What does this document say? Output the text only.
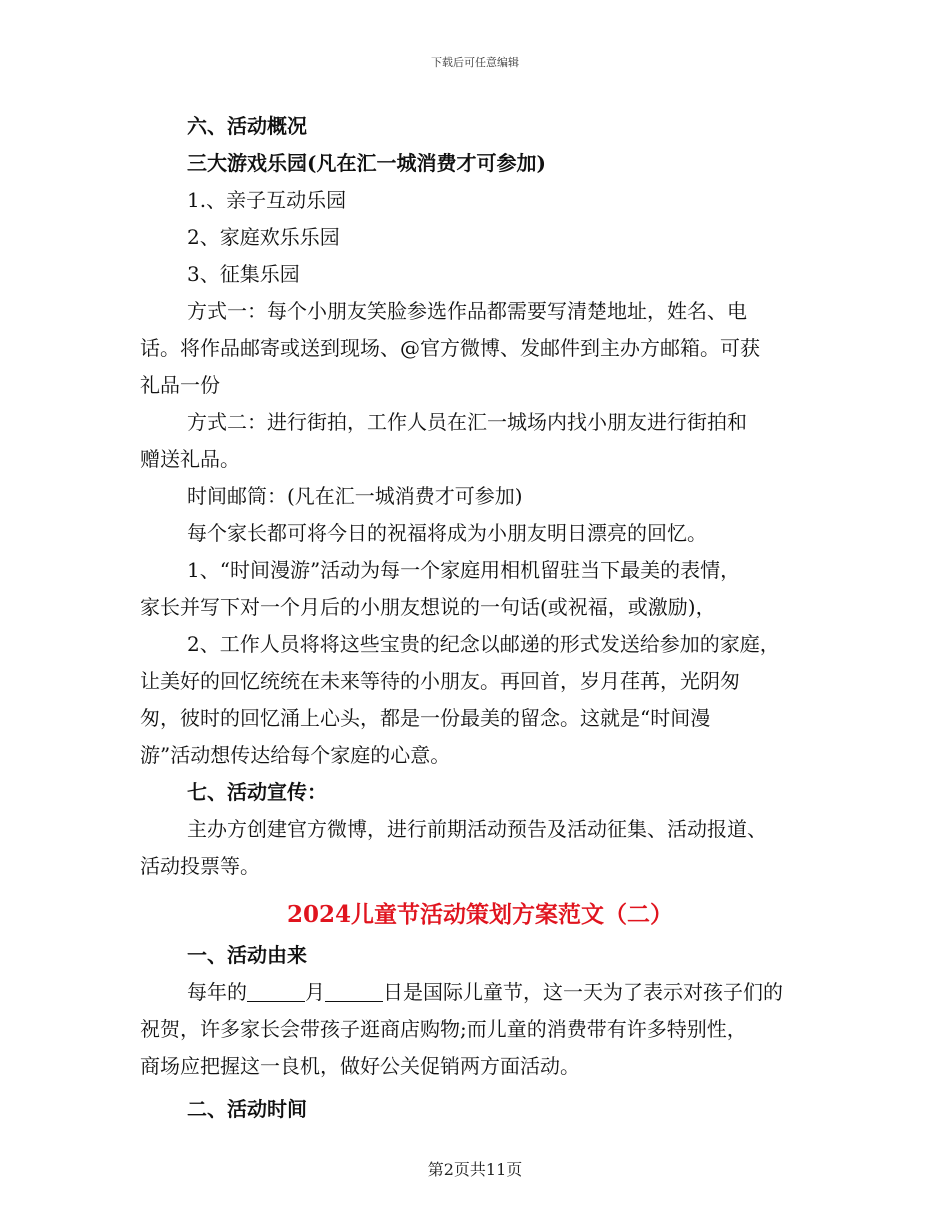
下载后可任意编辑
六、活动概况
三大游戏乐园(凡在汇一城消费才可参加)
1.、亲子互动乐园
2、家庭欢乐乐园
3、征集乐园
方式一：每个小朋友笑脸参选作品都需要写清楚地址，姓名、电
话。将作品邮寄或送到现场、@官方微博、发邮件到主办方邮箱。可获
礼品一份
方式二：进行街拍，工作人员在汇一城场内找小朋友进行街拍和
赠送礼品。
时间邮筒：(凡在汇一城消费才可参加)
每个家长都可将今日的祝福将成为小朋友明日漂亮的回忆。
1、“时间漫游”活动为每一个家庭用相机留驻当下最美的表情，
家长并写下对一个月后的小朋友想说的一句话(或祝福，或激励)，
2、工作人员将将这些宝贵的纪念以邮递的形式发送给参加的家庭，
让美好的回忆统统在未来等待的小朋友。再回首，岁月荏苒，光阴匆
匆，彼时的回忆涌上心头，都是一份最美的留念。这就是“时间漫
游”活动想传达给每个家庭的心意。
七、活动宣传：
主办方创建官方微博，进行前期活动预告及活动征集、活动报道、
活动投票等。
2024儿童节活动策划方案范文（二）
一、活动由来
每年的	月	日是国际儿童节，这一天为了表示对孩子们的
祝贺，许多家长会带孩子逛商店购物;而儿童的消费带有许多特别性，
商场应把握这一良机，做好公关促销两方面活动。
二、活动时间
第2页共11页
